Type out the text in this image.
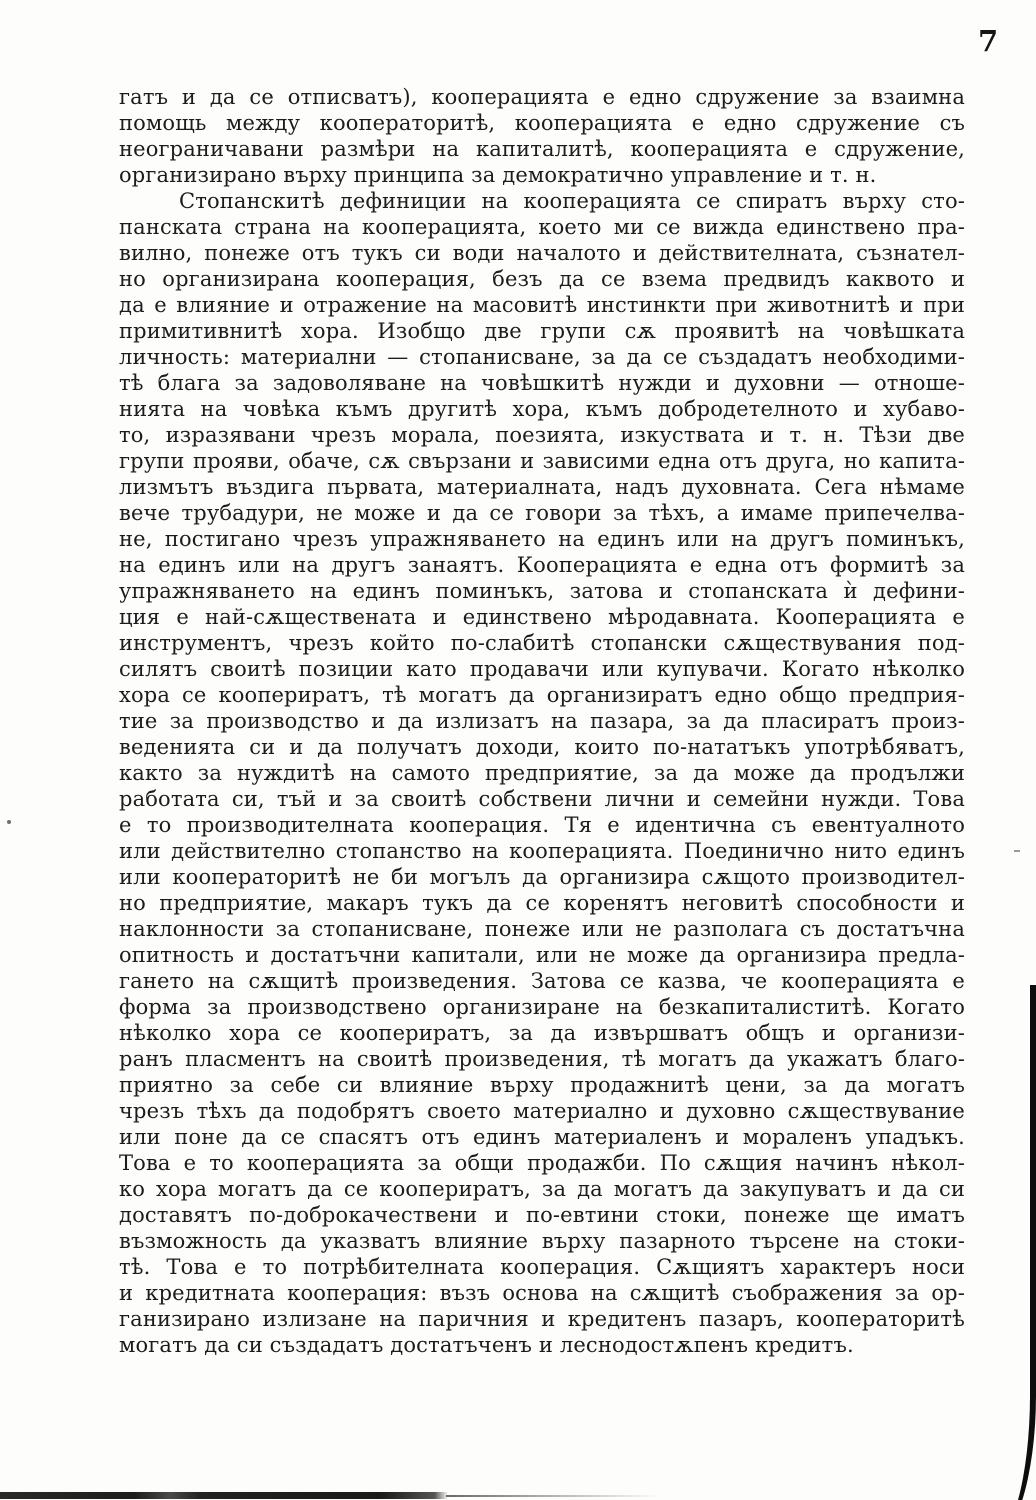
7
гатъ и да се отписватъ), кооперацията е едно сдружение за взаимна
помощь между кооператоритѣ, кооперацията е едно сдружение съ
неограничавани размѣри на капиталитѣ, кооперацията е сдружение,
организирано върху принципа за демократично управление и т. н.
Стопанскитѣ дефиниции на кооперацията се спиратъ върху сто-
панската страна на кооперацията, което ми се вижда единствено пра-
вилно, понеже отъ тукъ си води началото и действителната, съзнател-
но организирана кооперация, безъ да се взема предвидъ каквото и
да е влияние и отражение на масовитѣ инстинкти при животнитѣ и при
примитивнитѣ хора. Изобщо две групи сѫ проявитѣ на човѣшката
личность: материални — стопанисване, за да се създадатъ необходими-
тѣ блага за задоволяване на човѣшкитѣ нужди и духовни — отноше-
нията на човѣка къмъ другитѣ хора, къмъ добродетелното и хубаво-
то, изразявани чрезъ морала, поезията, изкуствата и т. н. Тѣзи две
групи прояви, обаче, сѫ свързани и зависими една отъ друга, но капита-
лизмътъ въздига първата, материалната, надъ духовната. Сега нѣмаме
вече трубадури, не може и да се говори за тѣхъ, а имаме припечелва-
не, постигано чрезъ упражняването на единъ или на другъ поминъкъ,
на единъ или на другъ занаятъ. Кооперацията е една отъ формитѣ за
упражняването на единъ поминъкъ, затова и стопанската ѝ дефини-
ция е най-сѫществената и единствено мѣродавната. Кооперацията е
инструментъ, чрезъ който по-слабитѣ стопански сѫществувания под-
силятъ своитѣ позиции като продавачи или купувачи. Когато нѣколко
хора се коопериратъ, тѣ могатъ да организиратъ едно общо предприя-
тие за производство и да излизатъ на пазара, за да пласиратъ произ-
веденията си и да получатъ доходи, които по-нататъкъ употрѣбяватъ,
както за нуждитѣ на самото предприятие, за да може да продължи
работата си, тъй и за своитѣ собствени лични и семейни нужди. Това
е то производителната кооперация. Тя е идентична съ евентуалното
или действително стопанство на кооперацията. Поединично нито единъ
или кооператоритѣ не би могълъ да организира сѫщото производител-
но предприятие, макаръ тукъ да се коренятъ неговитѣ способности и
наклонности за стопанисване, понеже или не разполага съ достатъчна
опитность и достатъчни капитали, или не може да организира предла-
гането на сѫщитѣ произведения. Затова се казва, че кооперацията е
форма за производствено организиране на безкапиталиститѣ. Когато
нѣколко хора се коопериратъ, за да извършватъ общъ и организи-
ранъ пласментъ на своитѣ произведения, тѣ могатъ да укажатъ благо-
приятно за себе си влияние върху продажнитѣ цени, за да могатъ
чрезъ тѣхъ да подобрятъ своето материално и духовно сѫществувание
или поне да се спасятъ отъ единъ материаленъ и мораленъ упадъкъ.
Това е то кооперацията за общи продажби. По сѫщия начинъ нѣкол-
ко хора могатъ да се коопериратъ, за да могатъ да закупуватъ и да си
доставятъ по-доброкачествени и по-евтини стоки, понеже ще иматъ
възможность да указватъ влияние върху пазарното търсене на стоки-
тѣ. Това е то потрѣбителната кооперация. Сѫщиятъ характеръ носи
и кредитната кооперация: възъ основа на сѫщитѣ съображения за ор-
ганизирано излизане на паричния и кредитенъ пазаръ, кооператоритѣ
могатъ да си създадатъ достатъченъ и леснодостѫпенъ кредитъ.
